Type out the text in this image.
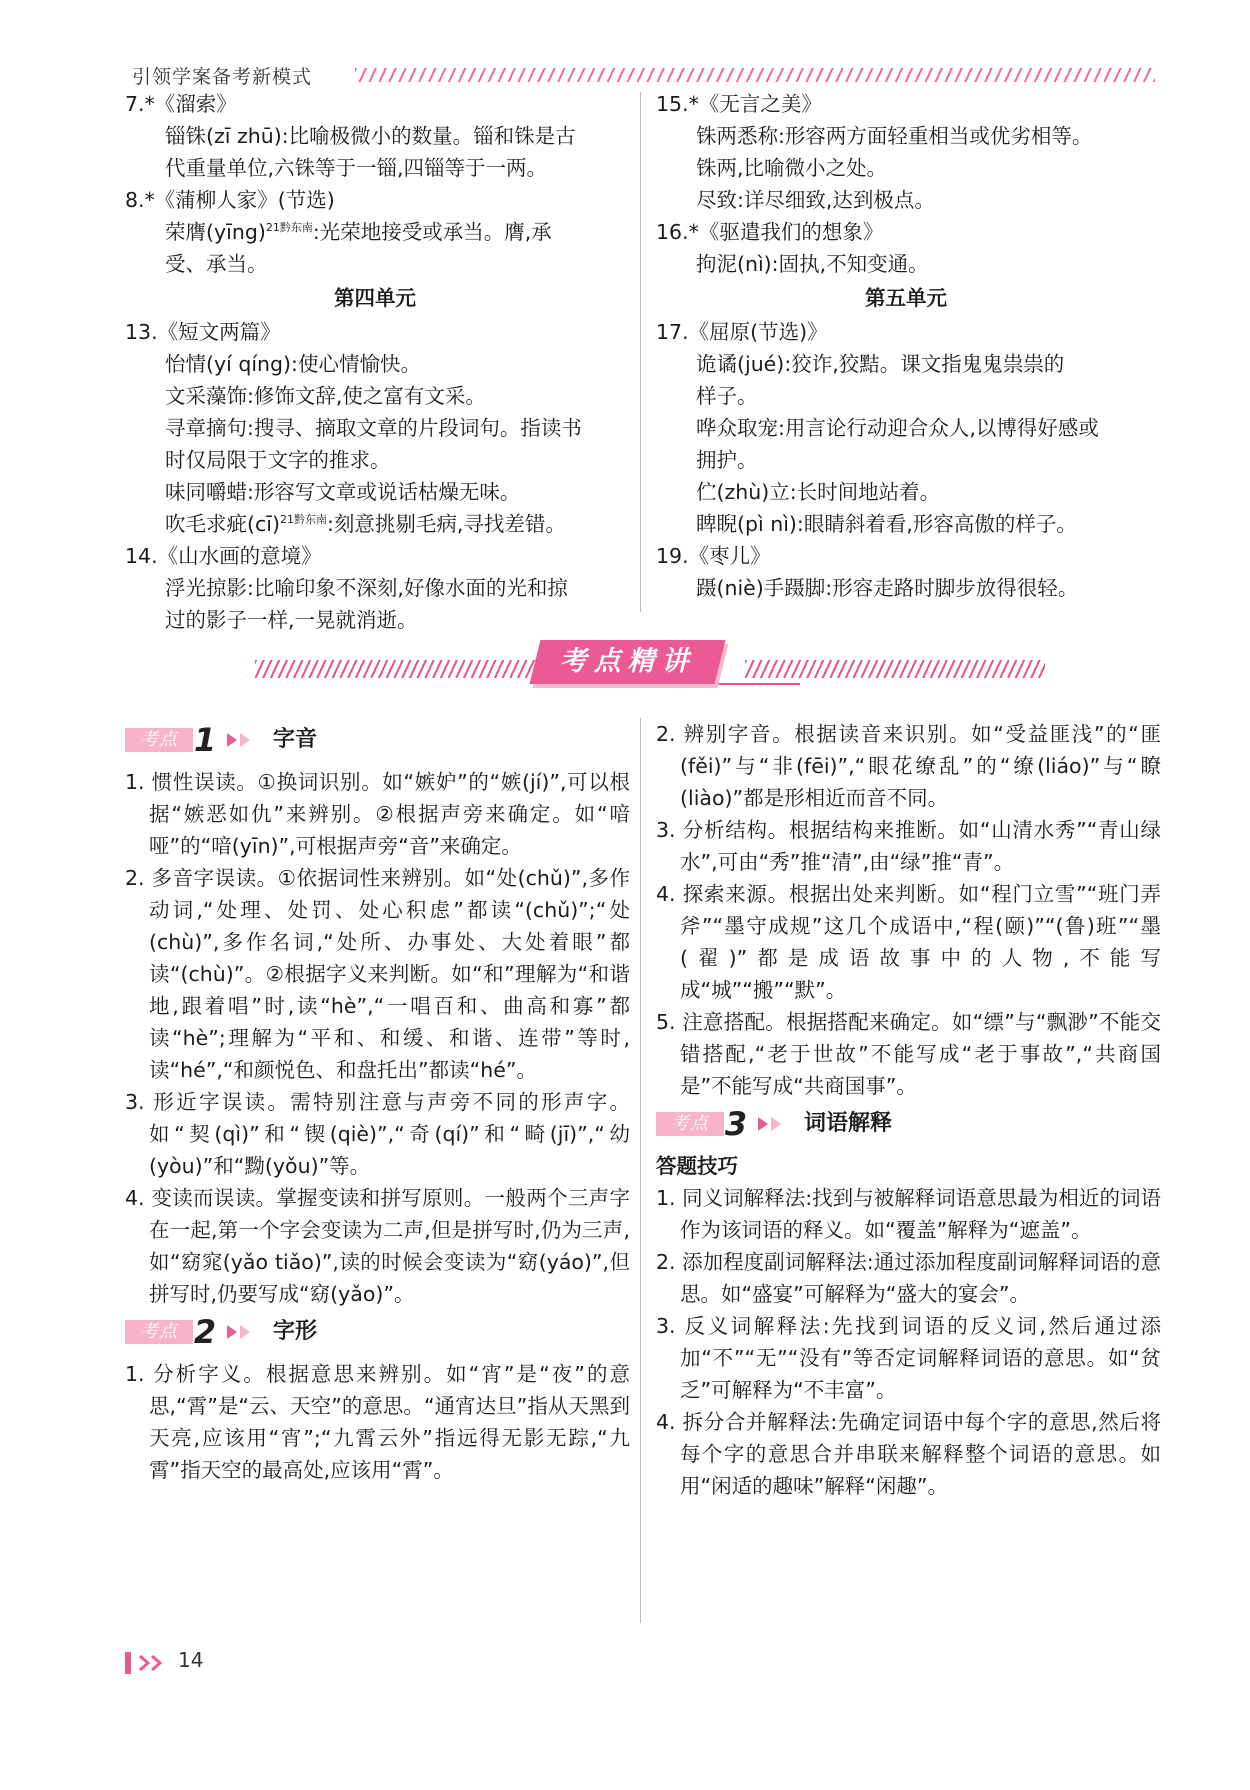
引领学案备考新模式
7.*《溜索》
锱铢(zī zhū):比喻极微小的数量。锱和铢是古
代重量单位,六铢等于一锱,四锱等于一两。
8.*《蒲柳人家》(节选)
荣膺(yīng)$^{21黔东南}$:光荣地接受或承当。膺,承
受、承当。
第四单元
13.《短文两篇》
怡情(yí qíng):使心情愉快。
文采藻饰:修饰文辞,使之富有文采。
寻章摘句:搜寻、摘取文章的片段词句。指读书
时仅局限于文字的推求。
味同嚼蜡:形容写文章或说话枯燥无味。
吹毛求疵(cī)$^{21黔东南}$:刻意挑剔毛病,寻找差错。
14.《山水画的意境》
浮光掠影:比喻印象不深刻,好像水面的光和掠
过的影子一样,一晃就消逝。
15.*《无言之美》
铢两悉称:形容两方面轻重相当或优劣相等。
铢两,比喻微小之处。
尽致:详尽细致,达到极点。
16.*《驱遣我们的想象》
拘泥(nì):固执,不知变通。
第五单元
17.《屈原(节选)》
诡谲(jué):狡诈,狡黠。课文指鬼鬼祟祟的
样子。
哗众取宠:用言论行动迎合众人,以博得好感或
拥护。
伫(zhù)立:长时间地站着。
睥睨(pì nì):眼睛斜着看,形容高傲的样子。
19.《枣儿》
蹑(niè)手蹑脚:形容走路时脚步放得很轻。
考点精讲
考点 1	字音
1. 惯性误读。①换词识别。如“嫉妒”的“嫉(jí)”,可以根据“嫉恶如仇”来辨别。②根据声旁来确定。如“喑哑”的“喑(yīn)”,可根据声旁“音”来确定。
2. 多音字误读。①依据词性来辨别。如“处(chǔ)”,多作动词,“处理、处罚、处心积虑”都读“(chǔ)”;“处(chù)”,多作名词,“处所、办事处、大处着眼”都读“(chù)”。②根据字义来判断。如“和”理解为“和谐地,跟着唱”时,读“hè”,“一唱百和、曲高和寡”都读“hè”;理解为“平和、和缓、和谐、连带”等时,读“hé”,“和颜悦色、和盘托出”都读“hé”。
3. 形近字误读。需特别注意与声旁不同的形声字。如“契(qì)”和“锲(qiè)”,“奇(qí)”和“畸(jī)”,“幼(yòu)”和“黝(yǒu)”等。
4. 变读而误读。掌握变读和拼写原则。一般两个三声字在一起,第一个字会变读为二声,但是拼写时,仍为三声,如“窈窕(yǎo tiǎo)”,读的时候会变读为“窈(yáo)”,但拼写时,仍要写成“窈(yǎo)”。
考点 2	字形
1. 分析字义。根据意思来辨别。如“宵”是“夜”的意思,“霄”是“云、天空”的意思。“通宵达旦”指从天黑到天亮,应该用“宵”;“九霄云外”指远得无影无踪,“九霄”指天空的最高处,应该用“霄”。
2. 辨别字音。根据读音来识别。如“受益匪浅”的“匪(fěi)”与“非(fēi)”,“眼花缭乱”的“缭(liáo)”与“瞭(liào)”都是形相近而音不同。
3. 分析结构。根据结构来推断。如“山清水秀”“青山绿水”,可由“秀”推“清”,由“绿”推“青”。
4. 探索来源。根据出处来判断。如“程门立雪”“班门弄斧”“墨守成规”这几个成语中,“程(颐)”“(鲁)班”“墨(翟)”都是成语故事中的人物,不能写成“城”“搬”“默”。
5. 注意搭配。根据搭配来确定。如“缥”与“飘渺”不能交错搭配,“老于世故”不能写成“老于事故”,“共商国是”不能写成“共商国事”。
考点 3	词语解释
答题技巧
1. 同义词解释法:找到与被解释词语意思最为相近的词语作为该词语的释义。如“覆盖”解释为“遮盖”。
2. 添加程度副词解释法:通过添加程度副词解释词语的意思。如“盛宴”可解释为“盛大的宴会”。
3. 反义词解释法:先找到词语的反义词,然后通过添加“不”“无”“没有”等否定词解释词语的意思。如“贫乏”可解释为“不丰富”。
4. 拆分合并解释法:先确定词语中每个字的意思,然后将每个字的意思合并串联来解释整个词语的意思。如用“闲适的趣味”解释“闲趣”。
14
